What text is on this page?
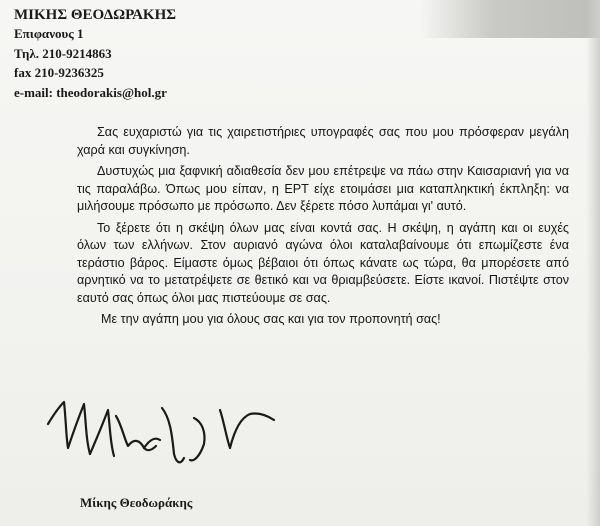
ΜΙΚΗΣ ΘΕΟΔΩΡΑΚΗΣ
Επιφανους 1
Τηλ. 210-9214863
fax 210-9236325
e-mail: theodorakis@hol.gr

Σας ευχαριστώ για τις χαιρετιστήριες υπογραφές σας που μου πρόσφεραν μεγάλη χαρά και συγκίνηση.

Δυστυχώς μια ξαφνική αδιαθεσία δεν μου επέτρεψε να πάω στην Καισαριανή για να τις παραλάβω. Όπως μου είπαν, η ΕΡΤ είχε ετοιμάσει μια καταπληκτική έκπληξη: να μιλήσουμε πρόσωπο με πρόσωπο. Δεν ξέρετε πόσο λυπάμαι γι' αυτό.

Το ξέρετε ότι η σκέψη όλων μας είναι κοντά σας. Η σκέψη, η αγάπη και οι ευχές όλων των ελλήνων. Στον αυριανό αγώνα όλοι καταλαβαίνουμε ότι επωμίζεστε ένα τεράστιο βάρος. Είμαστε όμως βέβαιοι ότι όπως κάνατε ως τώρα, θα μπορέσετε από αρνητικό να το μετατρέψετε σε θετικό και να θριαμβεύσετε. Είστε ικανοί. Πιστέψτε στον εαυτό σας όπως όλοι μας πιστεύουμε σε σας.

Με την αγάπη μου για όλους σας και για τον προπονητή σας!

Μίκης Θεοδωράκης
